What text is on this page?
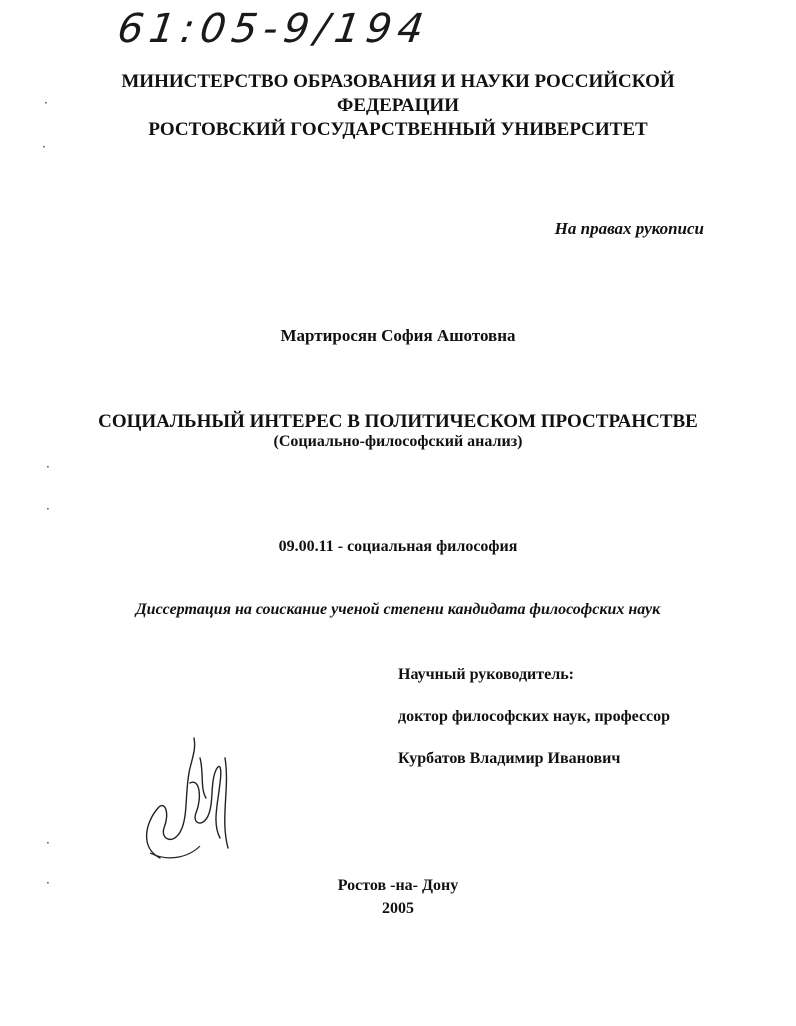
61:05-9/194
МИНИСТЕРСТВО ОБРАЗОВАНИЯ И НАУКИ РОССИЙСКОЙ
ФЕДЕРАЦИИ
РОСТОВСКИЙ ГОСУДАРСТВЕННЫЙ УНИВЕРСИТЕТ
На правах рукописи
Мартиросян София Ашотовна
СОЦИАЛЬНЫЙ ИНТЕРЕС В ПОЛИТИЧЕСКОМ ПРОСТРАНСТВЕ
(Социально-философский анализ)
09.00.11 - социальная философия
Диссертация на соискание ученой степени кандидата философских наук
Научный руководитель:
доктор философских наук, профессор
Курбатов Владимир Иванович
Ростов -на- Дону
2005
·
·
·
·
·
·
